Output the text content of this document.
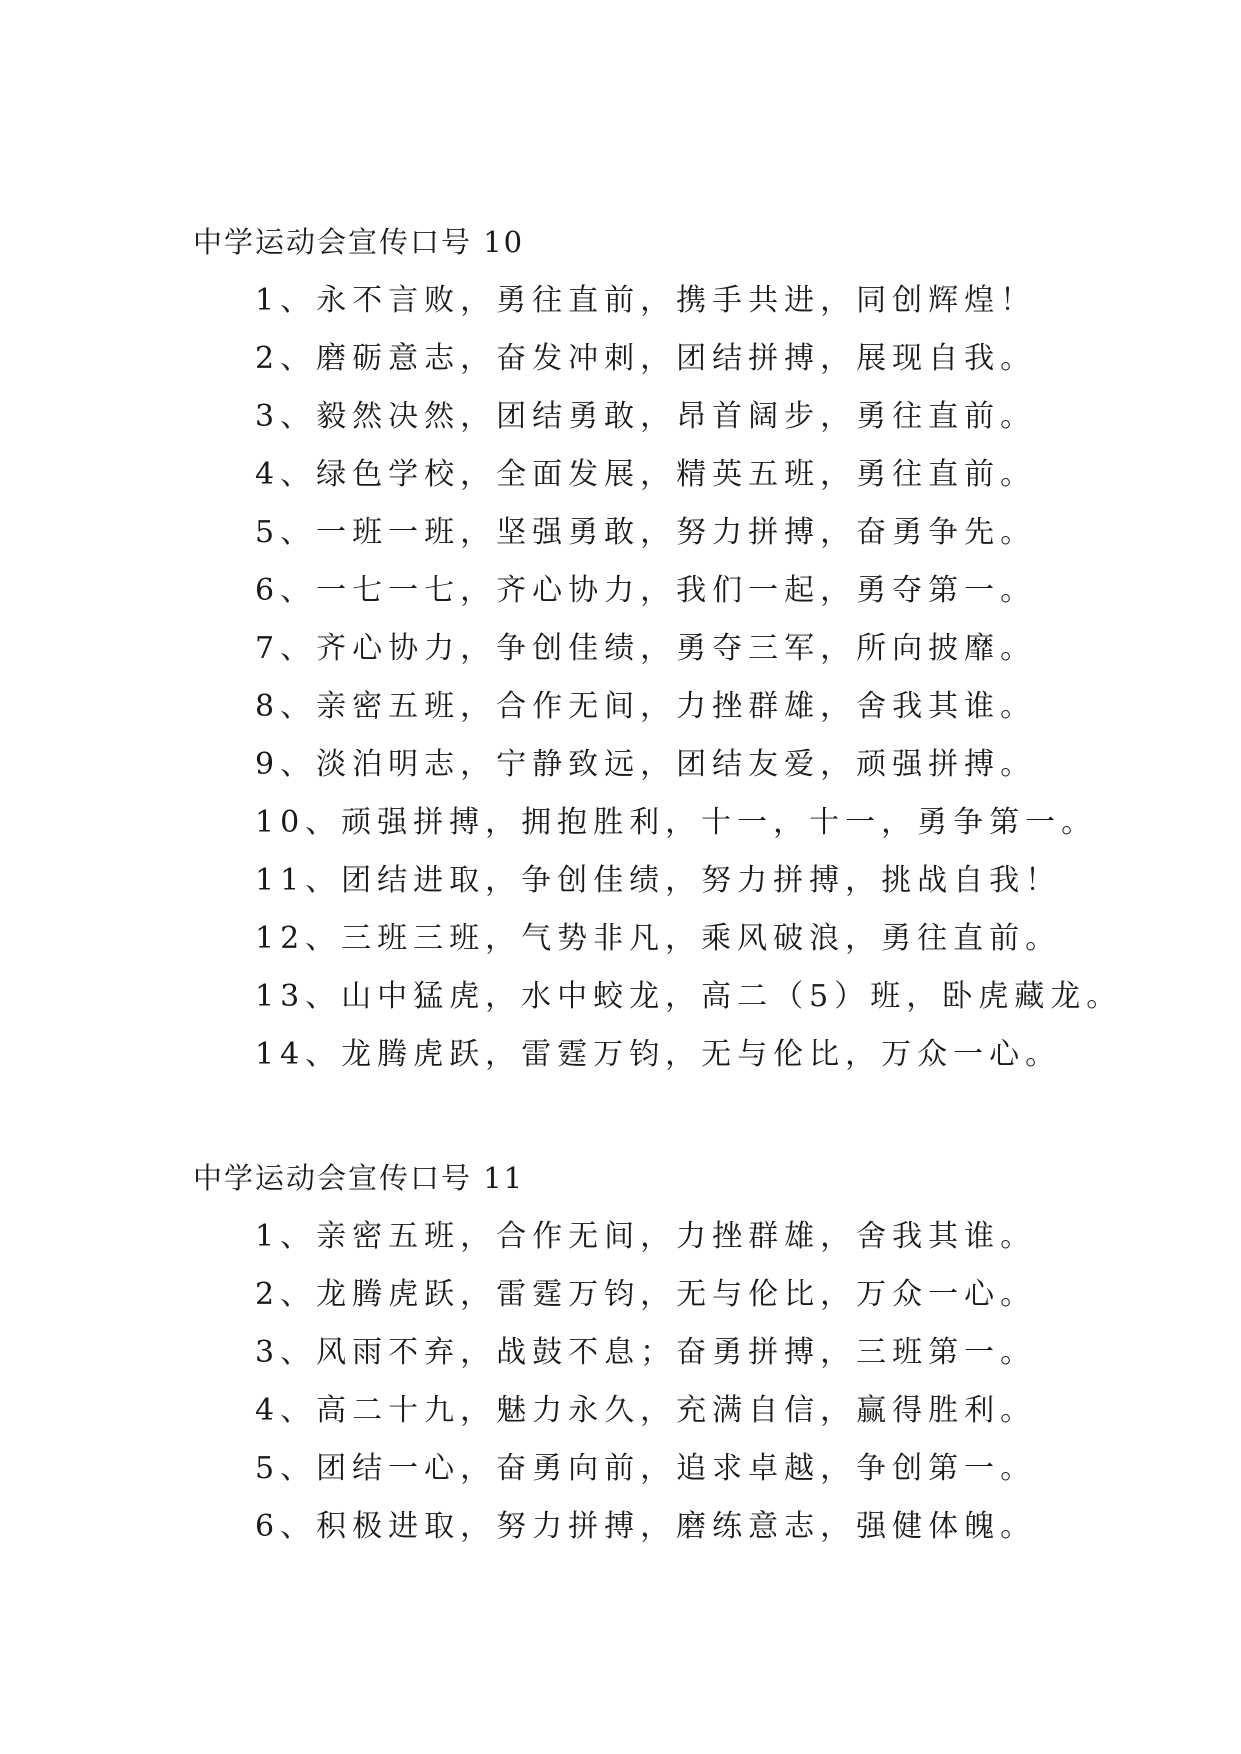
中学运动会宣传口号 10
1、永不言败，勇往直前，携手共进，同创辉煌！
2、磨砺意志，奋发冲刺，团结拼搏，展现自我。
3、毅然决然，团结勇敢，昂首阔步，勇往直前。
4、绿色学校，全面发展，精英五班，勇往直前。
5、一班一班，坚强勇敢，努力拼搏，奋勇争先。
6、一七一七，齐心协力，我们一起，勇夺第一。
7、齐心协力，争创佳绩，勇夺三军，所向披靡。
8、亲密五班，合作无间，力挫群雄，舍我其谁。
9、淡泊明志，宁静致远，团结友爱，顽强拼搏。
10、顽强拼搏，拥抱胜利，十一，十一，勇争第一。
11、团结进取，争创佳绩，努力拼搏，挑战自我！
12、三班三班，气势非凡，乘风破浪，勇往直前。
13、山中猛虎，水中蛟龙，高二（5）班，卧虎藏龙。
14、龙腾虎跃，雷霆万钧，无与伦比，万众一心。
中学运动会宣传口号 11
1、亲密五班，合作无间，力挫群雄，舍我其谁。
2、龙腾虎跃，雷霆万钧，无与伦比，万众一心。
3、风雨不弃，战鼓不息；奋勇拼搏，三班第一。
4、高二十九，魅力永久，充满自信，赢得胜利。
5、团结一心，奋勇向前，追求卓越，争创第一。
6、积极进取，努力拼搏，磨练意志，强健体魄。
